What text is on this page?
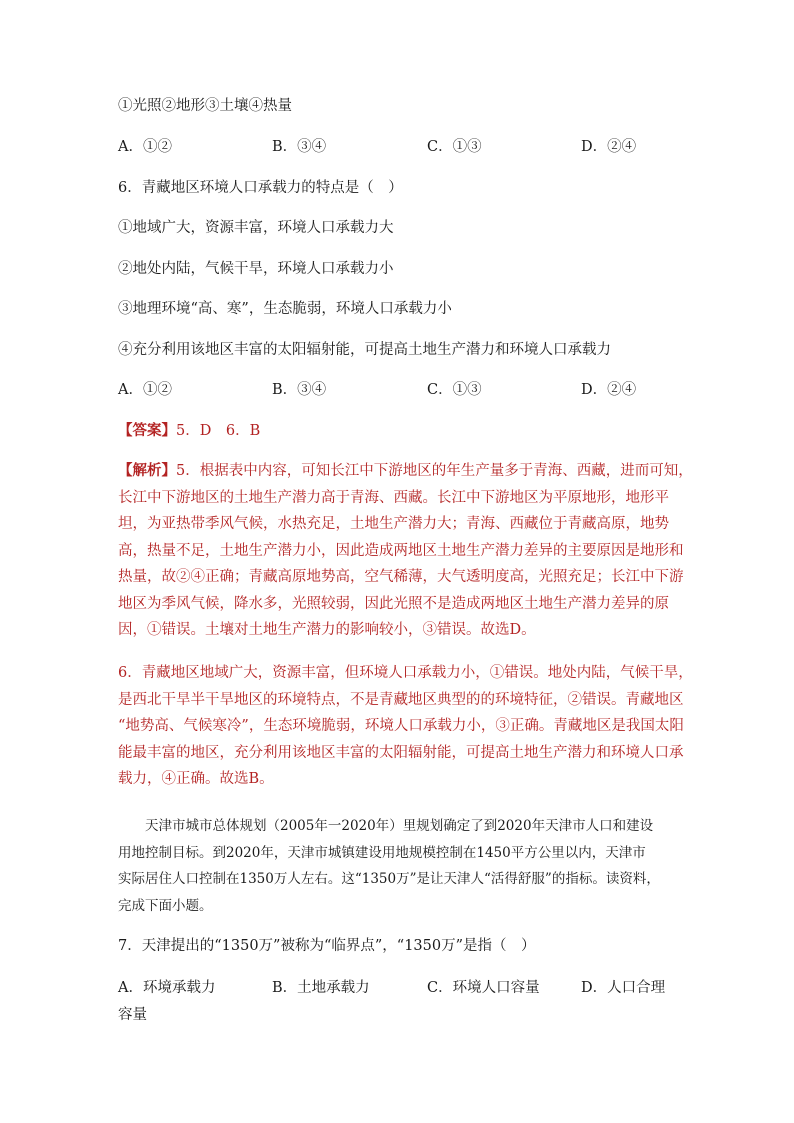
①光照②地形③土壤④热量
A．①②	B．③④	C．①③	D．②④
6．青藏地区环境人口承载力的特点是（　）
①地域广大，资源丰富，环境人口承载力大
②地处内陆，气候干旱，环境人口承载力小
③地理环境“高、寒”，生态脆弱，环境人口承载力小
④充分利用该地区丰富的太阳辐射能，可提高土地生产潜力和环境人口承载力
A．①②	B．③④	C．①③	D．②④
【答案】5．D　6．B
【解析】5．根据表中内容，可知长江中下游地区的年生产量多于青海、西藏，进而可知，
长江中下游地区的土地生产潜力高于青海、西藏。长江中下游地区为平原地形，地形平
坦，为亚热带季风气候，水热充足，土地生产潜力大；青海、西藏位于青藏高原，地势
高，热量不足，土地生产潜力小，因此造成两地区土地生产潜力差异的主要原因是地形和
热量，故②④正确；青藏高原地势高，空气稀薄，大气透明度高，光照充足；长江中下游
地区为季风气候，降水多，光照较弱，因此光照不是造成两地区土地生产潜力差异的原
因，①错误。土壤对土地生产潜力的影响较小，③错误。故选D。
6．青藏地区地域广大，资源丰富，但环境人口承载力小，①错误。地处内陆，气候干旱，
是西北干旱半干旱地区的环境特点，不是青藏地区典型的的环境特征，②错误。青藏地区
“地势高、气候寒冷”，生态环境脆弱，环境人口承载力小，③正确。青藏地区是我国太阳
能最丰富的地区，充分利用该地区丰富的太阳辐射能，可提高土地生产潜力和环境人口承
载力，④正确。故选B。
　　天津市城市总体规划（2005年一2020年）里规划确定了到2020年天津市人口和建设
用地控制目标。到2020年，天津市城镇建设用地规模控制在1450平方公里以内，天津市
实际居住人口控制在1350万人左右。这“1350万”是让天津人“活得舒服”的指标。读资料，
完成下面小题。
7．天津提出的“1350万”被称为“临界点”，“1350万”是指（　）
A．环境承载力	B．土地承载力	C．环境人口容量	D．人口合理
容量
